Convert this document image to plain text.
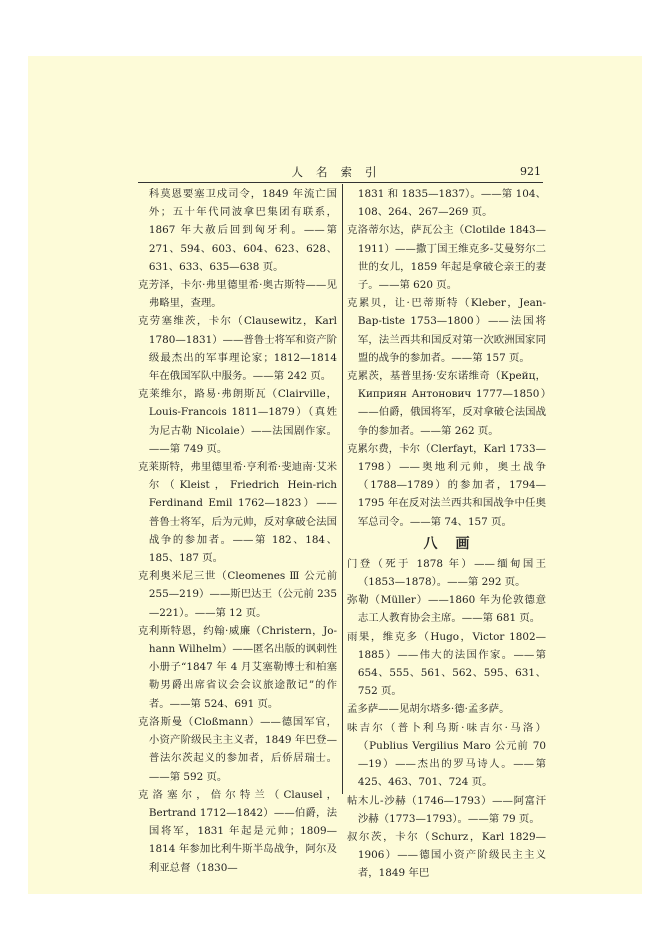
人名索引	921

科莫恩要塞卫戍司令，1849 年流亡国外；五十年代同波拿巴集团有联系，1867 年大赦后回到匈牙利。——第 271、594、603、604、623、628、631、633、635—638 页。

克芳泽，卡尔·弗里德里希·奥古斯特——见弗略里，查理。

克劳塞维茨，卡尔（Clausewitz，Karl 1780—1831）——普鲁士将军和资产阶级最杰出的军事理论家；1812—1814 年在俄国军队中服务。——第 242 页。

克莱维尔，路易·弗朗斯瓦（Clairville，Louis-Francois 1811—1879）（真姓为尼古勒 Nicolaie）——法国剧作家。——第 749 页。

克莱斯特，弗里德里希·亨利希·斐迪南·艾米尔（Kleist，Friedrich Hein-rich Ferdinand Emil 1762—1823）——普鲁士将军，后为元帅，反对拿破仑法国战争的参加者。——第 182、184、185、187 页。

克利奥米尼三世（Cleomenes Ⅲ 公元前 255—219）——斯巴达王（公元前 235—221）。——第 12 页。

克利斯特恩，约翰·威廉（Christern，Jo-hann Wilhelm）——匿名出版的讽刺性小册子“1847 年 4 月艾塞勒博士和柏塞勒男爵出席省议会会议旅途散记”的作者。——第 524、691 页。

克洛斯曼（Cloßmann）——德国军官，小资产阶级民主主义者，1849 年巴登—普法尔茨起义的参加者，后侨居瑞士。——第 592 页。

克洛塞尔，倍尔特兰（Clausel，Bertrand 1712—1842）——伯爵，法国将军，1831 年起是元帅；1809—1814 年参加比利牛斯半岛战争，阿尔及利亚总督（1830—

1831 和 1835—1837）。——第 104、108、264、267—269 页。

克洛蒂尔达，萨瓦公主（Clotilde 1843—1911）——撒丁国王维克多-艾曼努尔二世的女儿，1859 年起是拿破仑亲王的妻子。——第 620 页。

克累贝，让·巴蒂斯特（Kleber，Jean-Bap-tiste 1753—1800）——法国将军，法兰西共和国反对第一次欧洲国家同盟的战争的参加者。——第 157 页。

克累茨，基普里扬·安东诺维奇（Крейц，Киприян Антонович 1777—1850）——伯爵，俄国将军，反对拿破仑法国战争的参加者。——第 262 页。

克累尔费，卡尔（Clerfayt，Karl 1733—1798）——奥地利元帅，奥土战争（1788—1789）的参加者，1794—1795 年在反对法兰西共和国战争中任奥军总司令。——第 74、157 页。

八画

门登（死于 1878 年）——缅甸国王（1853—1878）。——第 292 页。

弥勒（Müller）——1860 年为伦敦德意志工人教育协会主席。——第 681 页。

雨果，维克多（Hugo，Victor 1802—1885）——伟大的法国作家。——第 654、555、561、562、595、631、752 页。

孟多萨——见胡尔塔多·德·孟多萨。

味吉尔（普卜利乌斯·味吉尔·马洛）（Publius Vergilius Maro 公元前 70—19）——杰出的罗马诗人。——第 425、463、701、724 页。

帖木儿-沙赫（1746—1793）——阿富汗沙赫（1773—1793）。——第 79 页。

叔尔茨，卡尔（Schurz，Karl 1829—1906）——德国小资产阶级民主主义者，1849 年巴
